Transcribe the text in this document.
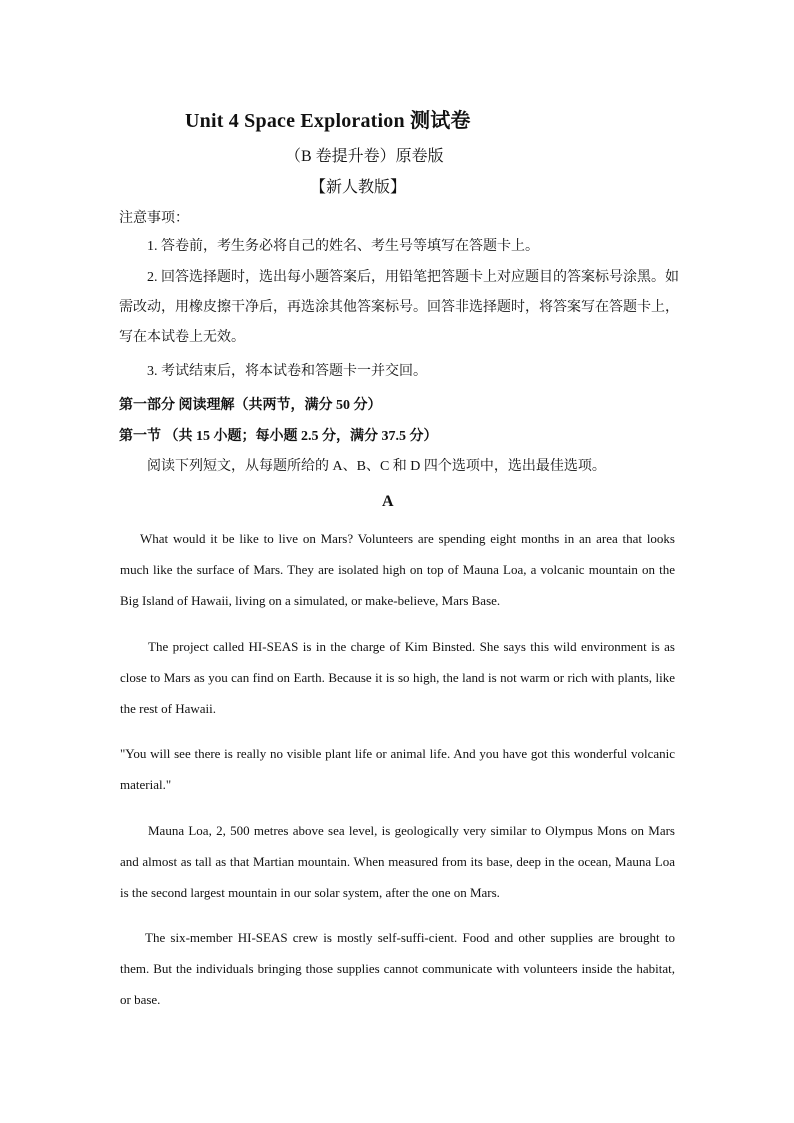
Unit 4 Space Exploration 测试卷
（B 卷提升卷）原卷版
【新人教版】
注意事项：
1. 答卷前，考生务必将自己的姓名、考生号等填写在答题卡上。
2. 回答选择题时，选出每小题答案后，用铅笔把答题卡上对应题目的答案标号涂黑。如需改动，用橡皮擦干净后，再选涂其他答案标号。回答非选择题时，将答案写在答题卡上，写在本试卷上无效。
3. 考试结束后，将本试卷和答题卡一并交回。
第一部分 阅读理解（共两节，满分 50 分）
第一节 （共 15 小题；每小题 2.5 分，满分 37.5 分）
阅读下列短文，从每题所给的 A、B、C 和 D 四个选项中，选出最佳选项。
A
What would it be like to live on Mars? Volunteers are spending eight months in an area that looks much like the surface of Mars. They are isolated high on top of Mauna Loa, a volcanic mountain on the Big Island of Hawaii, living on a simulated, or make-believe, Mars Base.
The project called HI-SEAS is in the charge of Kim Binsted. She says this wild environment is as close to Mars as you can find on Earth. Because it is so high, the land is not warm or rich with plants, like the rest of Hawaii.
"You will see there is really no visible plant life or animal life. And you have got this wonderful volcanic material."
Mauna Loa, 2, 500 metres above sea level, is geologically very similar to Olympus Mons on Mars and almost as tall as that Martian mountain. When measured from its base, deep in the ocean, Mauna Loa is the second largest mountain in our solar system, after the one on Mars.
The six-member HI-SEAS crew is mostly self-suffi-cient. Food and other supplies are brought to them. But the individuals bringing those supplies cannot communicate with volunteers inside the habitat, or base.
